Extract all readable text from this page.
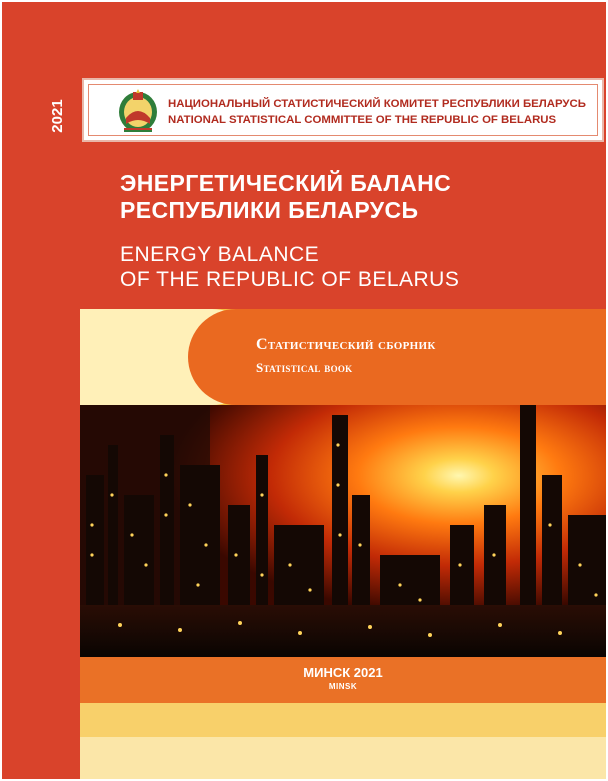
2021	НАЦИОНАЛЬНЫЙ СТАТИСТИЧЕСКИЙ КОМИТЕТ РЕСПУБЛИКИ БЕЛАРУСЬ
NATIONAL STATISTICAL COMMITTEE OF THE REPUBLIC OF BELARUS
ЭНЕРГЕТИЧЕСКИЙ БАЛАНС
РЕСПУБЛИКИ БЕЛАРУСЬ
ENERGY BALANCE
OF THE REPUBLIC OF BELARUS
Статистический сборник
Statistical book
МИНСК 2021
MINSK
